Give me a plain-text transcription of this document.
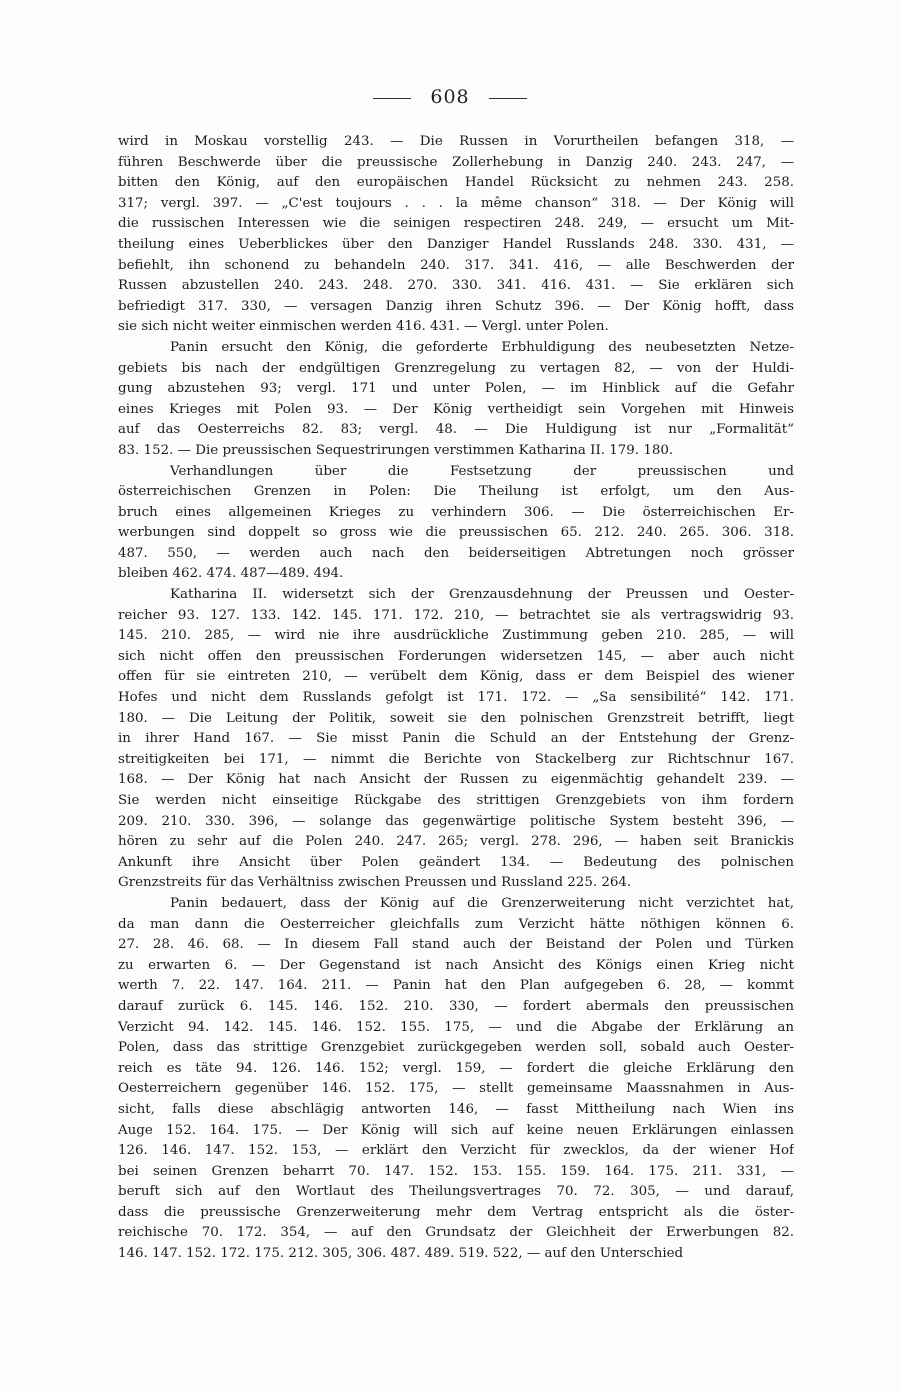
608
wird in Moskau vorstellig 243. — Die Russen in Vorurtheilen befangen 318, —
führen Beschwerde über die preussische Zollerhebung in Danzig 240. 243. 247, —
bitten den König, auf den europäischen Handel Rücksicht zu nehmen 243. 258.
317; vergl. 397. — „C'est toujours . . . la même chanson“ 318. — Der König will
die russischen Interessen wie die seinigen respectiren 248. 249, — ersucht um Mit-
theilung eines Ueberblickes über den Danziger Handel Russlands 248. 330. 431, —
befiehlt, ihn schonend zu behandeln 240. 317. 341. 416, — alle Beschwerden der
Russen abzustellen 240. 243. 248. 270. 330. 341. 416. 431. — Sie erklären sich
befriedigt 317. 330, — versagen Danzig ihren Schutz 396. — Der König hofft, dass
sie sich nicht weiter einmischen werden 416. 431. — Vergl. unter Polen.
Panin ersucht den König, die geforderte Erbhuldigung des neubesetzten Netze-
gebiets bis nach der endgültigen Grenzregelung zu vertagen 82, — von der Huldi-
gung abzustehen 93; vergl. 171 und unter Polen, — im Hinblick auf die Gefahr
eines Krieges mit Polen 93. — Der König vertheidigt sein Vorgehen mit Hinweis
auf das Oesterreichs 82. 83; vergl. 48. — Die Huldigung ist nur „Formalität“
83. 152. — Die preussischen Sequestrirungen verstimmen Katharina II. 179. 180.
Verhandlungen über die Festsetzung der preussischen und
österreichischen Grenzen in Polen: Die Theilung ist erfolgt, um den Aus-
bruch eines allgemeinen Krieges zu verhindern 306. — Die österreichischen Er-
werbungen sind doppelt so gross wie die preussischen 65. 212. 240. 265. 306. 318.
487. 550, — werden auch nach den beiderseitigen Abtretungen noch grösser
bleiben 462. 474. 487—489. 494.
Katharina II. widersetzt sich der Grenzausdehnung der Preussen und Oester-
reicher 93. 127. 133. 142. 145. 171. 172. 210, — betrachtet sie als vertragswidrig 93.
145. 210. 285, — wird nie ihre ausdrückliche Zustimmung geben 210. 285, — will
sich nicht offen den preussischen Forderungen widersetzen 145, — aber auch nicht
offen für sie eintreten 210, — verübelt dem König, dass er dem Beispiel des wiener
Hofes und nicht dem Russlands gefolgt ist 171. 172. — „Sa sensibilité“ 142. 171.
180. — Die Leitung der Politik, soweit sie den polnischen Grenzstreit betrifft, liegt
in ihrer Hand 167. — Sie misst Panin die Schuld an der Entstehung der Grenz-
streitigkeiten bei 171, — nimmt die Berichte von Stackelberg zur Richtschnur 167.
168. — Der König hat nach Ansicht der Russen zu eigenmächtig gehandelt 239. —
Sie werden nicht einseitige Rückgabe des strittigen Grenzgebiets von ihm fordern
209. 210. 330. 396, — solange das gegenwärtige politische System besteht 396, —
hören zu sehr auf die Polen 240. 247. 265; vergl. 278. 296, — haben seit Branickis
Ankunft ihre Ansicht über Polen geändert 134. — Bedeutung des polnischen
Grenzstreits für das Verhältniss zwischen Preussen und Russland 225. 264.
Panin bedauert, dass der König auf die Grenzerweiterung nicht verzichtet hat,
da man dann die Oesterreicher gleichfalls zum Verzicht hätte nöthigen können 6.
27. 28. 46. 68. — In diesem Fall stand auch der Beistand der Polen und Türken
zu erwarten 6. — Der Gegenstand ist nach Ansicht des Königs einen Krieg nicht
werth 7. 22. 147. 164. 211. — Panin hat den Plan aufgegeben 6. 28, — kommt
darauf zurück 6. 145. 146. 152. 210. 330, — fordert abermals den preussischen
Verzicht 94. 142. 145. 146. 152. 155. 175, — und die Abgabe der Erklärung an
Polen, dass das strittige Grenzgebiet zurückgegeben werden soll, sobald auch Oester-
reich es täte 94. 126. 146. 152; vergl. 159, — fordert die gleiche Erklärung den
Oesterreichern gegenüber 146. 152. 175, — stellt gemeinsame Maassnahmen in Aus-
sicht, falls diese abschlägig antworten 146, — fasst Mittheilung nach Wien ins
Auge 152. 164. 175. — Der König will sich auf keine neuen Erklärungen einlassen
126. 146. 147. 152. 153, — erklärt den Verzicht für zwecklos, da der wiener Hof
bei seinen Grenzen beharrt 70. 147. 152. 153. 155. 159. 164. 175. 211. 331, —
beruft sich auf den Wortlaut des Theilungsvertrages 70. 72. 305, — und darauf,
dass die preussische Grenzerweiterung mehr dem Vertrag entspricht als die öster-
reichische 70. 172. 354, — auf den Grundsatz der Gleichheit der Erwerbungen 82.
146. 147. 152. 172. 175. 212. 305, 306. 487. 489. 519. 522, — auf den Unterschied
